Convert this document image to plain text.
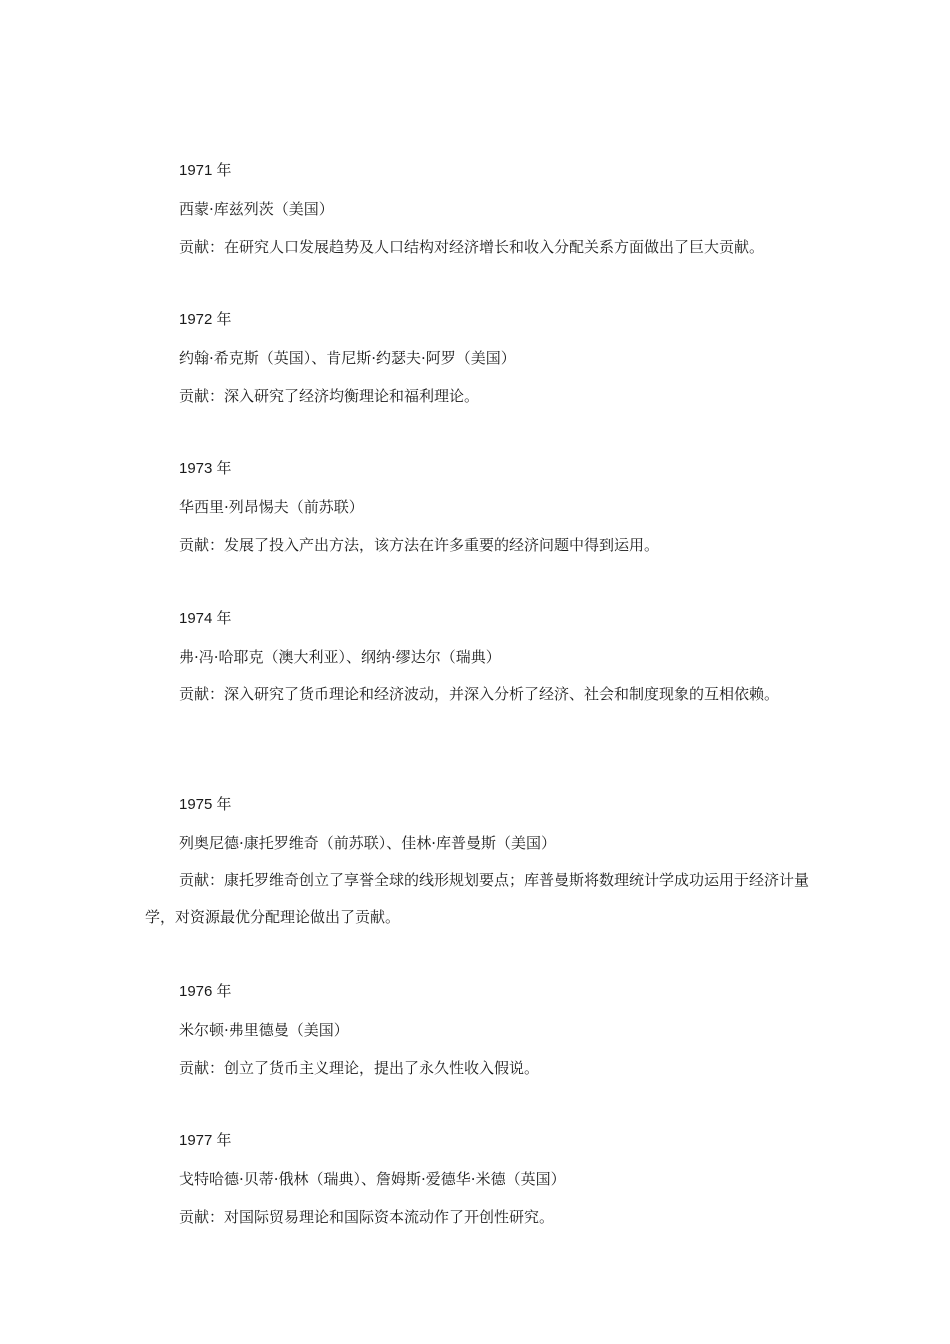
1971 年
西蒙·库兹列茨（美国）

贡献：在研究人口发展趋势及人口结构对经济增长和收入分配关系方面做出了巨大贡献。

1972 年
约翰·希克斯（英国）、肯尼斯·约瑟夫·阿罗（美国）

贡献：深入研究了经济均衡理论和福利理论。

1973 年
华西里·列昂惕夫（前苏联）

贡献：发展了投入产出方法，该方法在许多重要的经济问题中得到运用。

1974 年
弗·冯·哈耶克（澳大利亚）、纲纳·缪达尔（瑞典）

贡献：深入研究了货币理论和经济波动，并深入分析了经济、社会和制度现象的互相依赖。

1975 年
列奥尼德·康托罗维奇（前苏联）、佳林·库普曼斯（美国）

贡献：康托罗维奇创立了享誉全球的线形规划要点；库普曼斯将数理统计学成功运用于经济计量学，对资源最优分配理论做出了贡献。

1976 年
米尔顿·弗里德曼（美国）

贡献：创立了货币主义理论，提出了永久性收入假说。

1977 年
戈特哈德·贝蒂·俄林（瑞典）、詹姆斯·爱德华·米德（英国）

贡献：对国际贸易理论和国际资本流动作了开创性研究。
